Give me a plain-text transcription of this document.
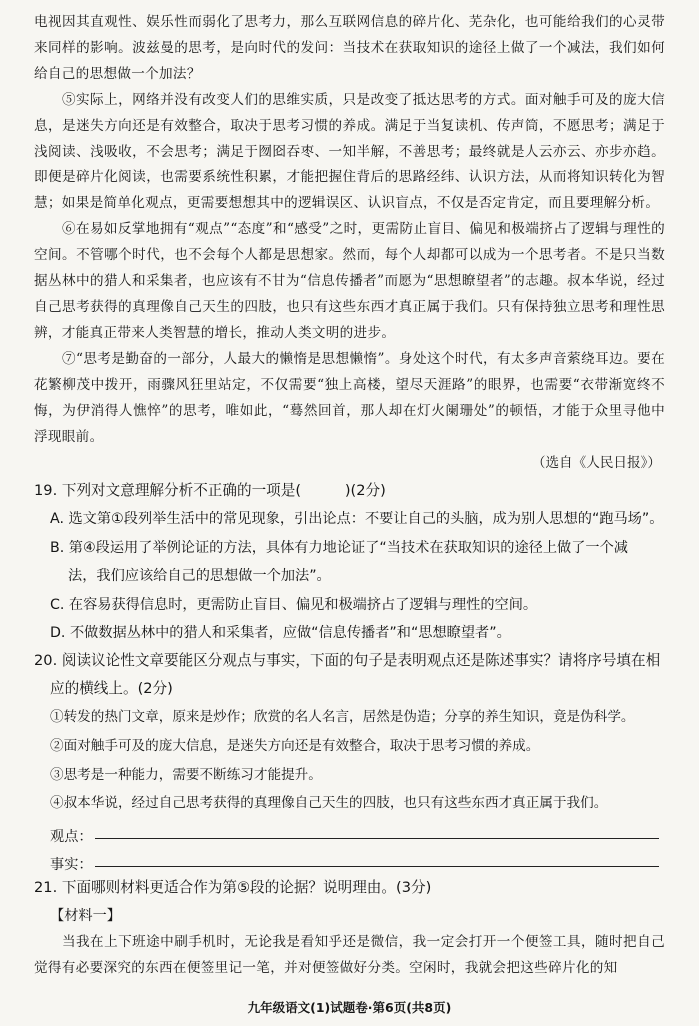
电视因其直观性、娱乐性而弱化了思考力，那么互联网信息的碎片化、芜杂化，也可能给我们的心灵带来同样的影响。波兹曼的思考，是向时代的发问：当技术在获取知识的途径上做了一个减法，我们如何给自己的思想做一个加法？

⑤实际上，网络并没有改变人们的思维实质，只是改变了抵达思考的方式。面对触手可及的庞大信息，是迷失方向还是有效整合，取决于思考习惯的养成。满足于当复读机、传声筒，不愿思考；满足于浅阅读、浅吸收，不会思考；满足于囫囵吞枣、一知半解，不善思考；最终就是人云亦云、亦步亦趋。即便是碎片化阅读，也需要系统性积累，才能把握住背后的思路经纬、认识方法，从而将知识转化为智慧；如果是简单化观点，更需要想想其中的逻辑误区、认识盲点，不仅是否定肯定，而且要理解分析。

⑥在易如反掌地拥有“观点”“态度”和“感受”之时，更需防止盲目、偏见和极端挤占了逻辑与理性的空间。不管哪个时代，也不会每个人都是思想家。然而，每个人却都可以成为一个思考者。不是只当数据丛林中的猎人和采集者，也应该有不甘为“信息传播者”而愿为“思想瞭望者”的志趣。叔本华说，经过自己思考获得的真理像自己天生的四肢，也只有这些东西才真正属于我们。只有保持独立思考和理性思辨，才能真正带来人类智慧的增长，推动人类文明的进步。

⑦“思考是勤奋的一部分，人最大的懒惰是思想懒惰”。身处这个时代，有太多声音萦绕耳边。要在花繁柳茂中拨开，雨骤风狂里站定，不仅需要“独上高楼，望尽天涯路”的眼界，也需要“衣带渐宽终不悔，为伊消得人憔悴”的思考，唯如此，“蓦然回首，那人却在灯火阑珊处”的顿悟，才能于众里寻他中浮现眼前。

（选自《人民日报》）

19. 下列对文意理解分析不正确的一项是(　　　)(2分)

A. 选文第①段列举生活中的常见现象，引出论点：不要让自己的头脑，成为别人思想的“跑马场”。

B. 第④段运用了举例论证的方法，具体有力地论证了“当技术在获取知识的途径上做了一个减

法，我们应该给自己的思想做一个加法”。

C. 在容易获得信息时，更需防止盲目、偏见和极端挤占了逻辑与理性的空间。

D. 不做数据丛林中的猎人和采集者，应做“信息传播者”和“思想瞭望者”。

20. 阅读议论性文章要能区分观点与事实，下面的句子是表明观点还是陈述事实？请将序号填在相

应的横线上。(2分)

①转发的热门文章，原来是炒作；欣赏的名人名言，居然是伪造；分享的养生知识，竟是伪科学。

②面对触手可及的庞大信息，是迷失方向还是有效整合，取决于思考习惯的养成。

③思考是一种能力，需要不断练习才能提升。

④叔本华说，经过自己思考获得的真理像自己天生的四肢，也只有这些东西才真正属于我们。

观点：
事实：

21. 下面哪则材料更适合作为第⑤段的论据？说明理由。(3分)

【材料一】

当我在上下班途中刷手机时，无论我是看知乎还是微信，我一定会打开一个便签工具，随时把自己觉得有必要深究的东西在便签里记一笔，并对便签做好分类。空闲时，我就会把这些碎片化的知

九年级语文(1)试题卷·第6页(共8页)
